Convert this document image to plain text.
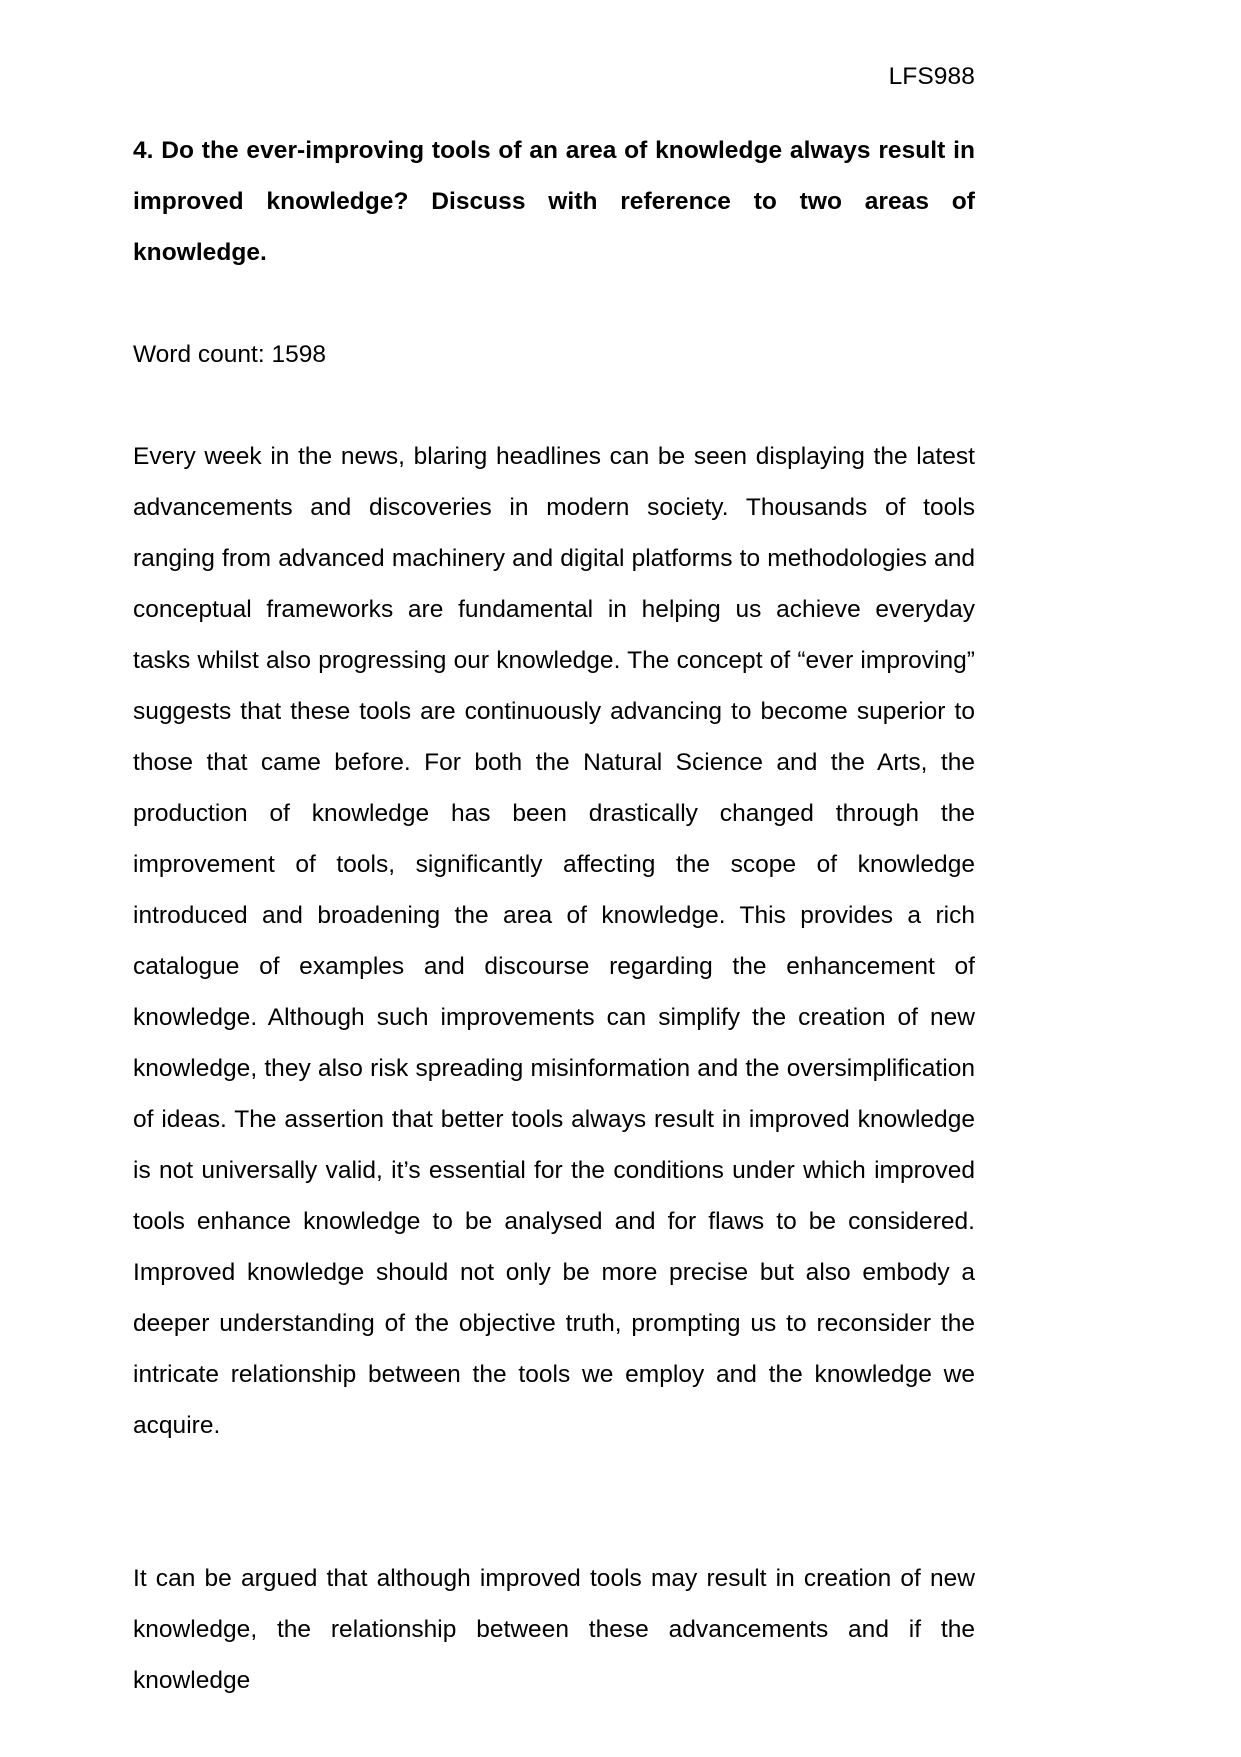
LFS988
4. Do the ever-improving tools of an area of knowledge always result in improved knowledge? Discuss with reference to two areas of knowledge.
Word count: 1598

Every week in the news, blaring headlines can be seen displaying the latest advancements and discoveries in modern society. Thousands of tools ranging from advanced machinery and digital platforms to methodologies and conceptual frameworks are fundamental in helping us achieve everyday tasks whilst also progressing our knowledge. The concept of “ever improving” suggests that these tools are continuously advancing to become superior to those that came before. For both the Natural Science and the Arts, the production of knowledge has been drastically changed through the improvement of tools, significantly affecting the scope of knowledge introduced and broadening the area of knowledge. This provides a rich catalogue of examples and discourse regarding the enhancement of knowledge. Although such improvements can simplify the creation of new knowledge, they also risk spreading misinformation and the oversimplification of ideas. The assertion that better tools always result in improved knowledge is not universally valid, it’s essential for the conditions under which improved tools enhance knowledge to be analysed and for flaws to be considered. Improved knowledge should not only be more precise but also embody a deeper understanding of the objective truth, prompting us to reconsider the intricate relationship between the tools we employ and the knowledge we acquire.

It can be argued that although improved tools may result in creation of new knowledge, the relationship between these advancements and if the knowledge
